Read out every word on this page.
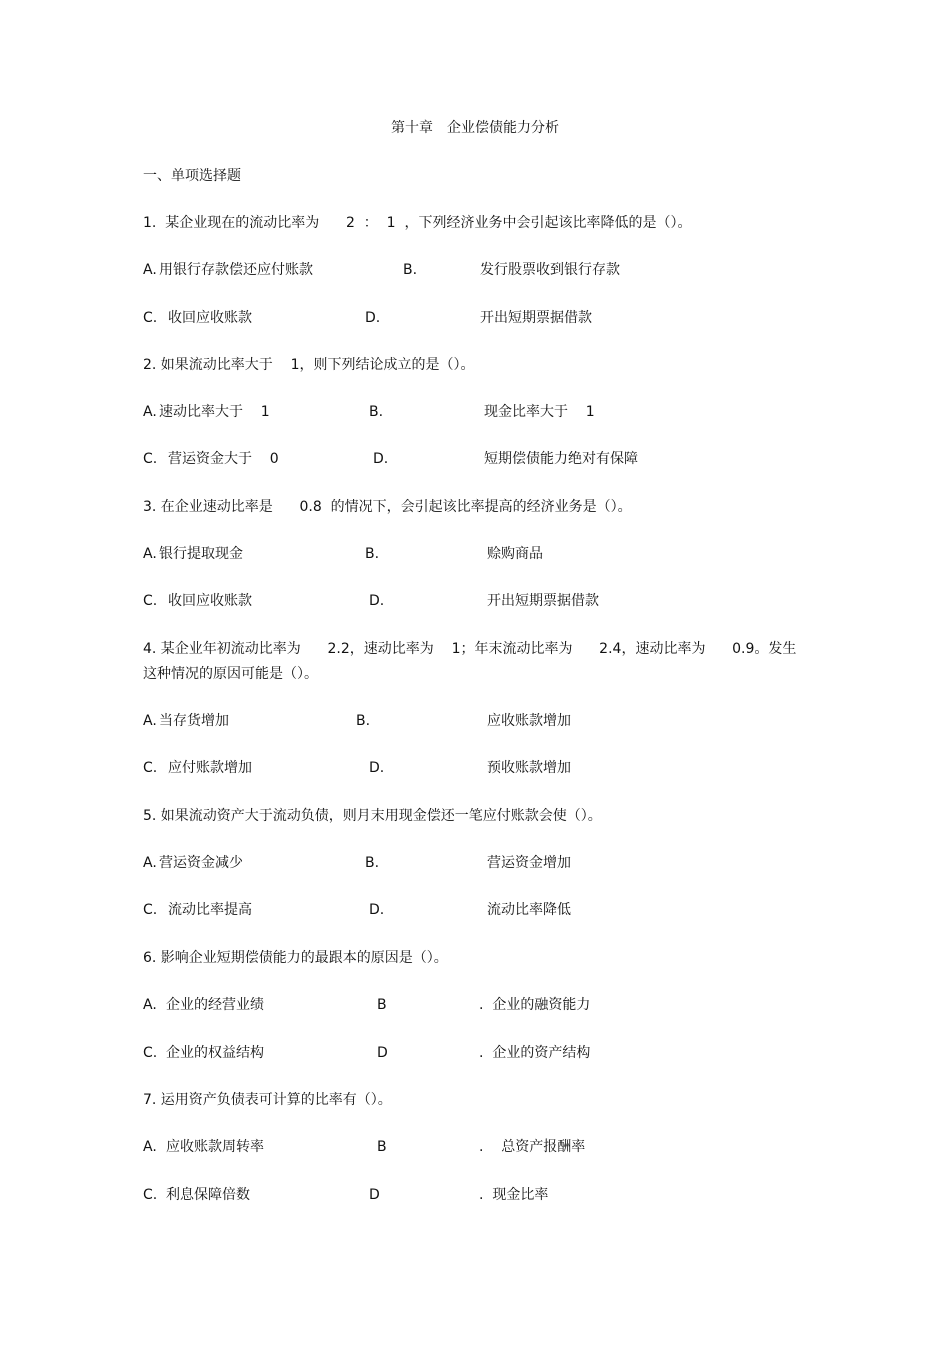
第十章　企业偿债能力分析
一、单项选择题
1.  某企业现在的流动比率为      2  ：  1  ，下列经济业务中会引起该比率降低的是（）。
A. 用银行存款偿还应付账款	B.	发行股票收到银行存款
C. 收回应收账款	D.	开出短期票据借款
2. 如果流动比率大于    1，则下列结论成立的是（）。
A. 速动比率大于    1	B.	现金比率大于    1
C. 营运资金大于    0	D.	短期偿债能力绝对有保障
3. 在企业速动比率是      0.8  的情况下，会引起该比率提高的经济业务是（）。
A. 银行提取现金	B.	赊购商品
C. 收回应收账款	D.	开出短期票据借款
4. 某企业年初流动比率为      2.2，速动比率为    1；年末流动比率为      2.4，速动比率为      0.9。发生
这种情况的原因可能是（）。
A. 当存货增加	B.	应收账款增加
C. 应付账款增加	D.	预收账款增加
5. 如果流动资产大于流动负债，则月末用现金偿还一笔应付账款会使（）。
A. 营运资金减少	B.	营运资金增加
C. 流动比率提高	D.	流动比率降低
6. 影响企业短期偿债能力的最跟本的原因是（）。
A. 企业的经营业绩	B	.  企业的融资能力
C. 企业的权益结构	D	.  企业的资产结构
7. 运用资产负债表可计算的比率有（）。
A. 应收账款周转率	B	.    总资产报酬率
C. 利息保障倍数	D	.  现金比率
